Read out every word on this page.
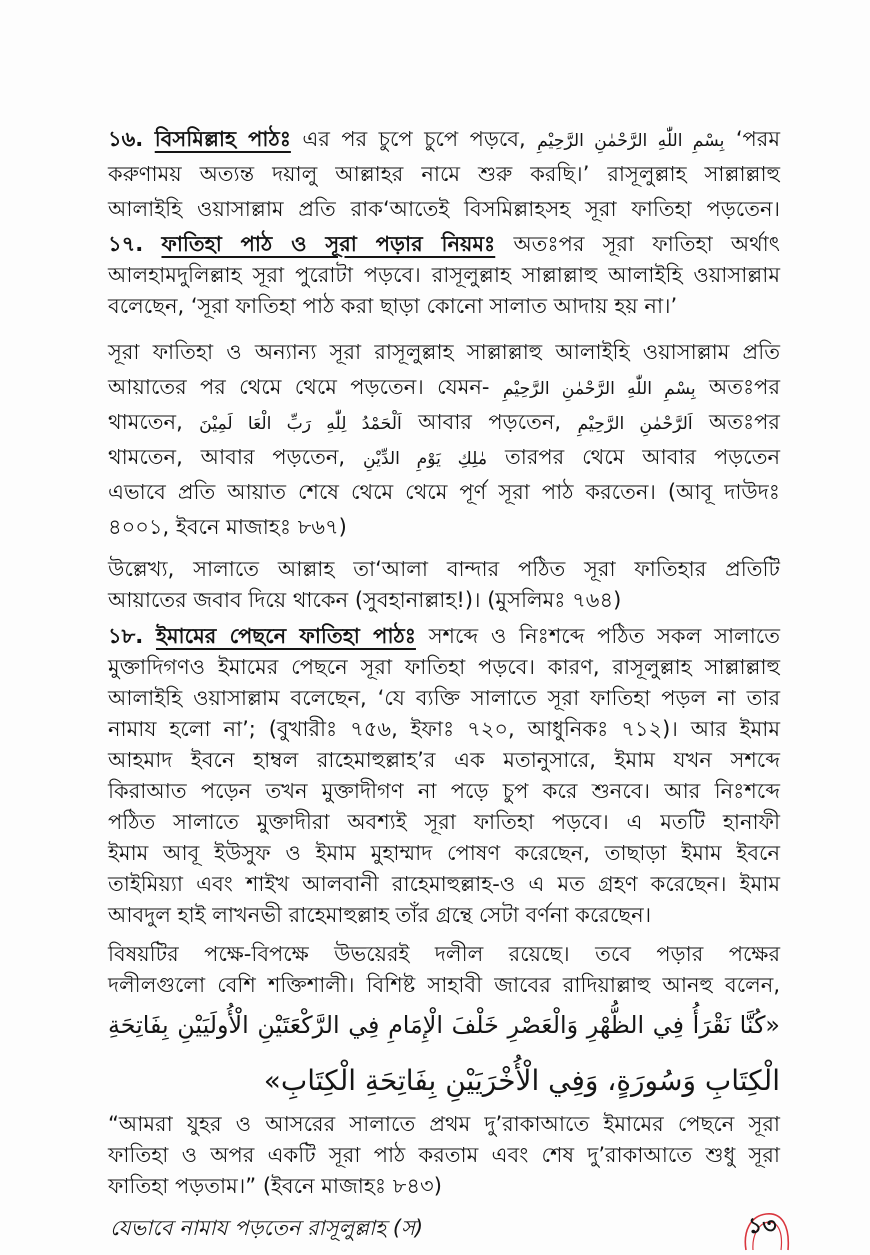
১৬. বিসমিল্লাহ পাঠ এর পর চুপে চুপে পড়বে, بِسْمِ اللّٰهِ الرَّحْمٰنِ الرَّحِيْمِ ‘পরম
করুণাময় অত্যন্ত দয়ালু আল্লাহর নামে শুরু করছি।’ রাসূলুল্লাহ সাল্লাল্লাহু
আলাইহি ওয়াসাল্লাম প্রতি রাক‘আতেই বিসমিল্লাহসহ সূরা ফাতিহা পড়তেন।
১৭. ফাতিহা পাঠ ও সূরা পড়ার নিয়ম অতঃপর সূরা ফাতিহা অর্থাৎ
আলহামদুলিল্লাহ সূরা পুরোটা পড়বে। রাসূলুল্লাহ সাল্লাল্লাহু আলাইহি ওয়াসাল্লাম
বলেছেন, ‘সূরা ফাতিহা পাঠ করা ছাড়া কোনো সালাত আদায় হয় না।’
সূরা ফাতিহা ও অন্যান্য সূরা রাসূলুল্লাহ সাল্লাল্লাহু আলাইহি ওয়াসাল্লাম প্রতি
আয়াতের পর থেমে থেমে পড়তেন। যেমন- بِسْمِ اللّٰهِ الرَّحْمٰنِ الرَّحِيْمِ অতঃপর
থামতেন, اَلْحَمْدُ لِلّٰهِ رَبِّ الْعَا لَمِيْنَ আবার পড়তেন, اَلرَّحْمٰنِ الرَّحِيْمِ অতঃপর
থামতেন, আবার পড়তেন, مٰلِكِ يَوْمِ الدِّيْنِ তারপর থেমে আবার পড়তেন
এভাবে প্রতি আয়াত শেষে থেমে থেমে পূর্ণ সূরা পাঠ করতেন। (আবূ দাউদঃ
৪০০১, ইবনে মাজাহঃ ৮৬৭)
উল্লেখ্য, সালাতে আল্লাহ তা‘আলা বান্দার পঠিত সূরা ফাতিহার প্রতিটি
আয়াতের জবাব দিয়ে থাকেন (সুবহানাল্লাহ!)। (মুসলিমঃ ৭৬৪)
১৮. ইমামের পেছনে ফাতিহা পাঠ সশব্দে ও নিঃশব্দে পঠিত সকল সালাতে
মুক্তাদিগণও ইমামের পেছনে সূরা ফাতিহা পড়বে। কারণ, রাসূলুল্লাহ সাল্লাল্লাহু
আলাইহি ওয়াসাল্লাম বলেছেন, ‘যে ব্যক্তি সালাতে সূরা ফাতিহা পড়ল না তার
নামায হলো না’; (বুখারীঃ ৭৫৬, ইফাঃ ৭২০, আধুনিকঃ ৭১২)। আর ইমাম
আহমাদ ইবনে হাম্বল রাহেমাহুল্লাহ’র এক মতানুসারে, ইমাম যখন সশব্দে
কিরাআত পড়েন তখন মুক্তাদীগণ না পড়ে চুপ করে শুনবে। আর নিঃশব্দে
পঠিত সালাতে মুক্তাদীরা অবশ্যই সূরা ফাতিহা পড়বে। এ মতটি হানাফী
ইমাম আবূ ইউসুফ ও ইমাম মুহাম্মাদ পোষণ করেছেন, তাছাড়া ইমাম ইবনে
তাইমিয়্যা এবং শাইখ আলবানী রাহেমাহুল্লাহ-ও এ মত গ্রহণ করেছেন। ইমাম
আবদুল হাই লাখনভী রাহেমাহুল্লাহ তাঁর গ্রন্থে সেটা বর্ণনা করেছেন।
বিষয়টির পক্ষে-বিপক্ষে উভয়েরই দলীল রয়েছে। তবে পড়ার পক্ষের
দলীলগুলো বেশি শক্তিশালী। বিশিষ্ট সাহাবী জাবের রাদিয়াল্লাহু আনহু বলেন,
«كُنَّا نَقْرَأُ فِي الظُّهْرِ وَالْعَصْرِ خَلْفَ الْإِمَامِ فِي الرَّكْعَتَيْنِ الْأُولَيَيْنِ بِفَاتِحَةِ
الْكِتَابِ وَسُورَةٍ، وَفِي الْأُخْرَيَيْنِ بِفَاتِحَةِ الْكِتَابِ»
“আমরা যুহর ও আসরের সালাতে প্রথম দু’রাকাআতে ইমামের পেছনে সূরা
ফাতিহা ও অপর একটি সূরা পাঠ করতাম এবং শেষ দু’রাকাআতে শুধু সূরা
ফাতিহা পড়তাম।” (ইবনে মাজাহঃ ৮৪৩)
যেভাবে নামায পড়তেন রাসূলুল্লাহ (স)	১৩
